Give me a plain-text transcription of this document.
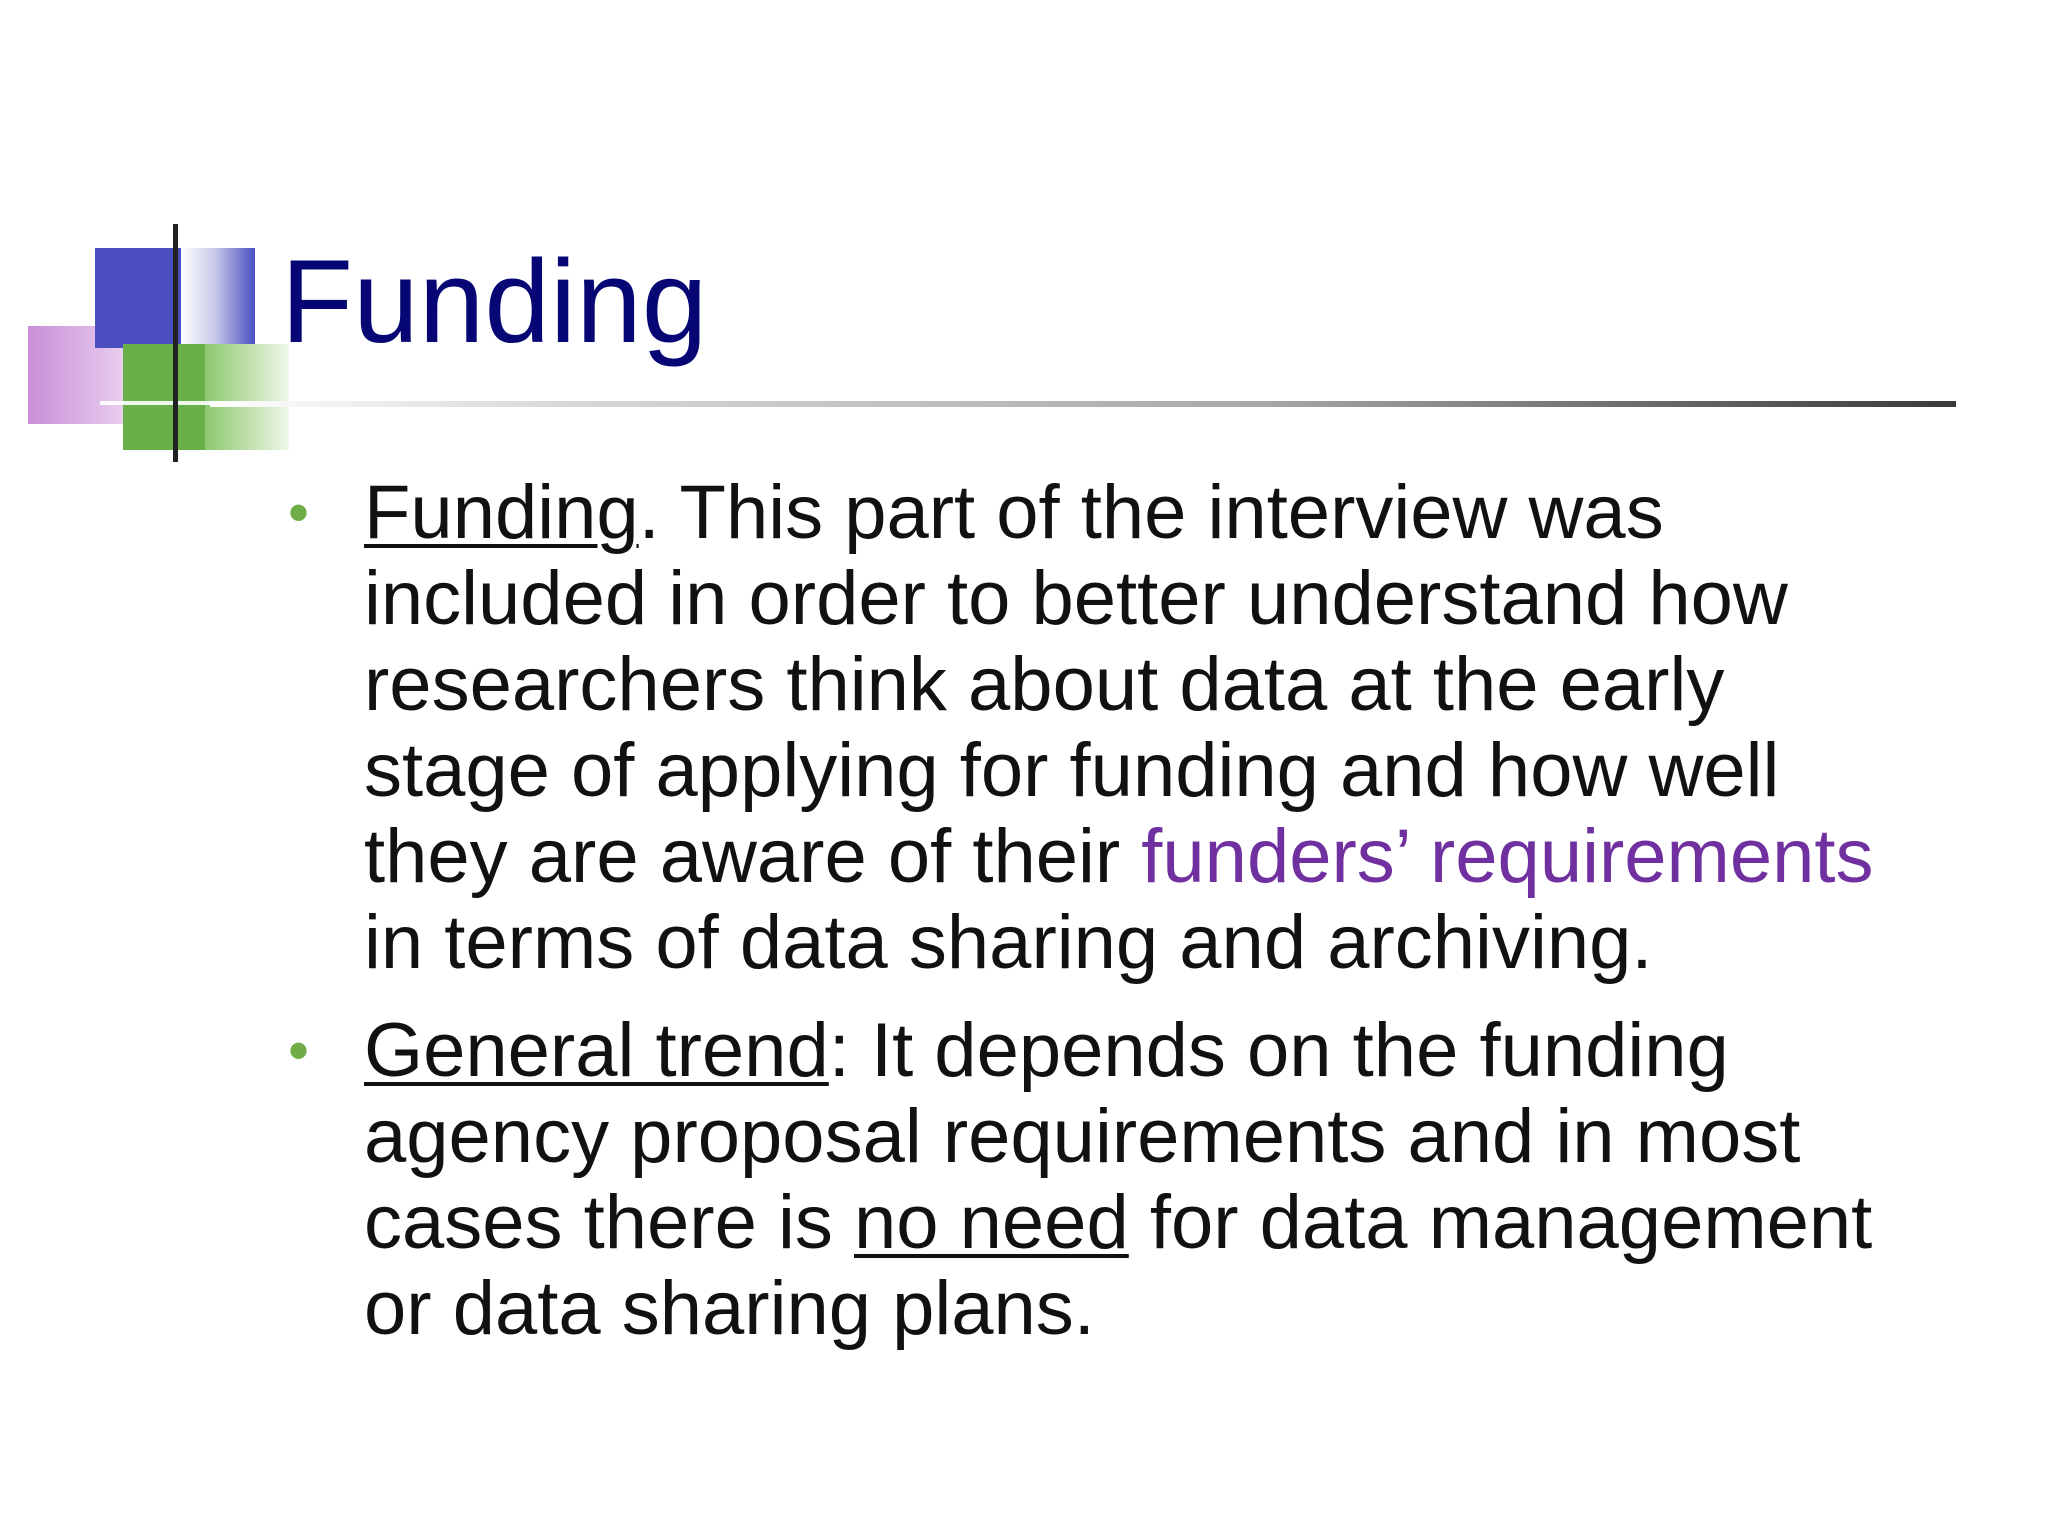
Funding
• Funding. This part of the interview was
included in order to better understand how
researchers think about data at the early
stage of applying for funding and how well
they are aware of their funders’ requirements
in terms of data sharing and archiving.
• General trend: It depends on the funding
agency proposal requirements and in most
cases there is no need for data management
or data sharing plans.
